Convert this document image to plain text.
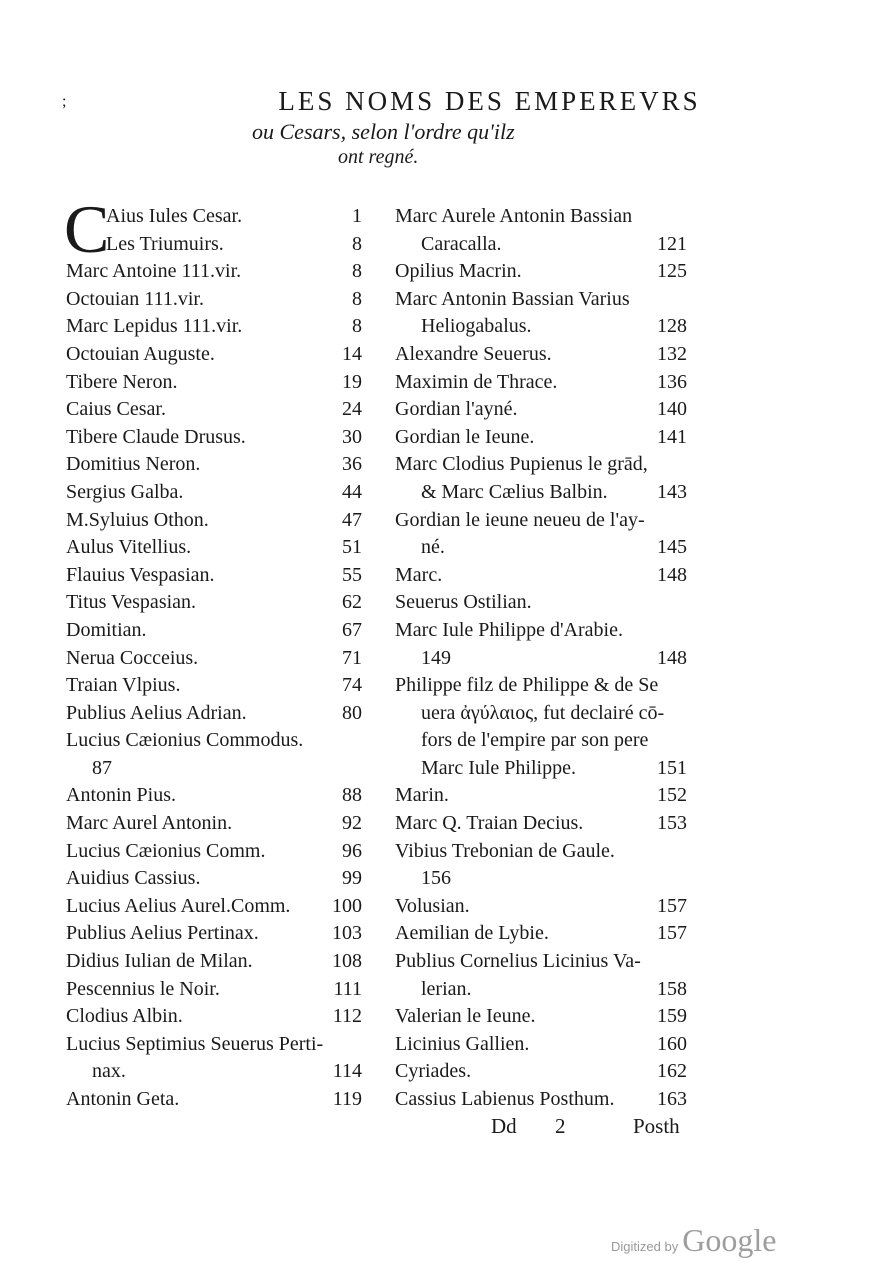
;	LES NOMS DES EMPEREVRS
ou Cesars, selon l'ordre qu'ilz
ont regné.
C
Aius Iules Cesar.	1
Les Triumuirs.	8
Marc Antoine 111.vir.	8
Octouian 111.vir.	8
Marc Lepidus 111.vir.	8
Octouian Auguste.	14
Tibere Neron.	19
Caius Cesar.	24
Tibere Claude Drusus.	30
Domitius Neron.	36
Sergius Galba.	44
M.Syluius Othon.	47
Aulus Vitellius.	51
Flauius Vespasian.	55
Titus Vespasian.	62
Domitian.	67
Nerua Cocceius.	71
Traian Vlpius.	74
Publius Aelius Adrian.	80
Lucius Cæionius Commodus.
87
Antonin Pius.	88
Marc Aurel Antonin.	92
Lucius Cæionius Comm.	96
Auidius Cassius.	99
Lucius Aelius Aurel.Comm. 100
Publius Aelius Pertinax.	103
Didius Iulian de Milan.	108
Pescennius le Noir.	111
Clodius Albin.	112
Lucius Septimius Seuerus Perti-
nax.	114
Antonin Geta.	119
Marc Aurele Antonin Bassian
Caracalla.	121
Opilius Macrin.	125
Marc Antonin Bassian Varius
Heliogabalus.	128
Alexandre Seuerus.	132
Maximin de Thrace.	136
Gordian l'ayné.	140
Gordian le Ieune.	141
Marc Clodius Pupienus le grād,
& Marc Cælius Balbin. 143
Gordian le ieune neueu de l'ay-
né.	145
Marc.	148
Seuerus Ostilian.
Marc Iule Philippe d'Arabie.
149	148
Philippe filz de Philippe & de Se
uera ἀγύλαιος, fut declairé cō-
fors de l'empire par son pere
Marc Iule Philippe.	151
Marin.	152
Marc Q. Traian Decius.	153
Vibius Trebonian de Gaule.
156
Volusian.	157
Aemilian de Lybie.	157
Publius Cornelius Licinius Va-
lerian.	158
Valerian le Ieune.	159
Licinius Gallien.	160
Cyriades.	162
Cassius Labienus Posthum. 163
Dd 2	Posth
Digitized by Google
